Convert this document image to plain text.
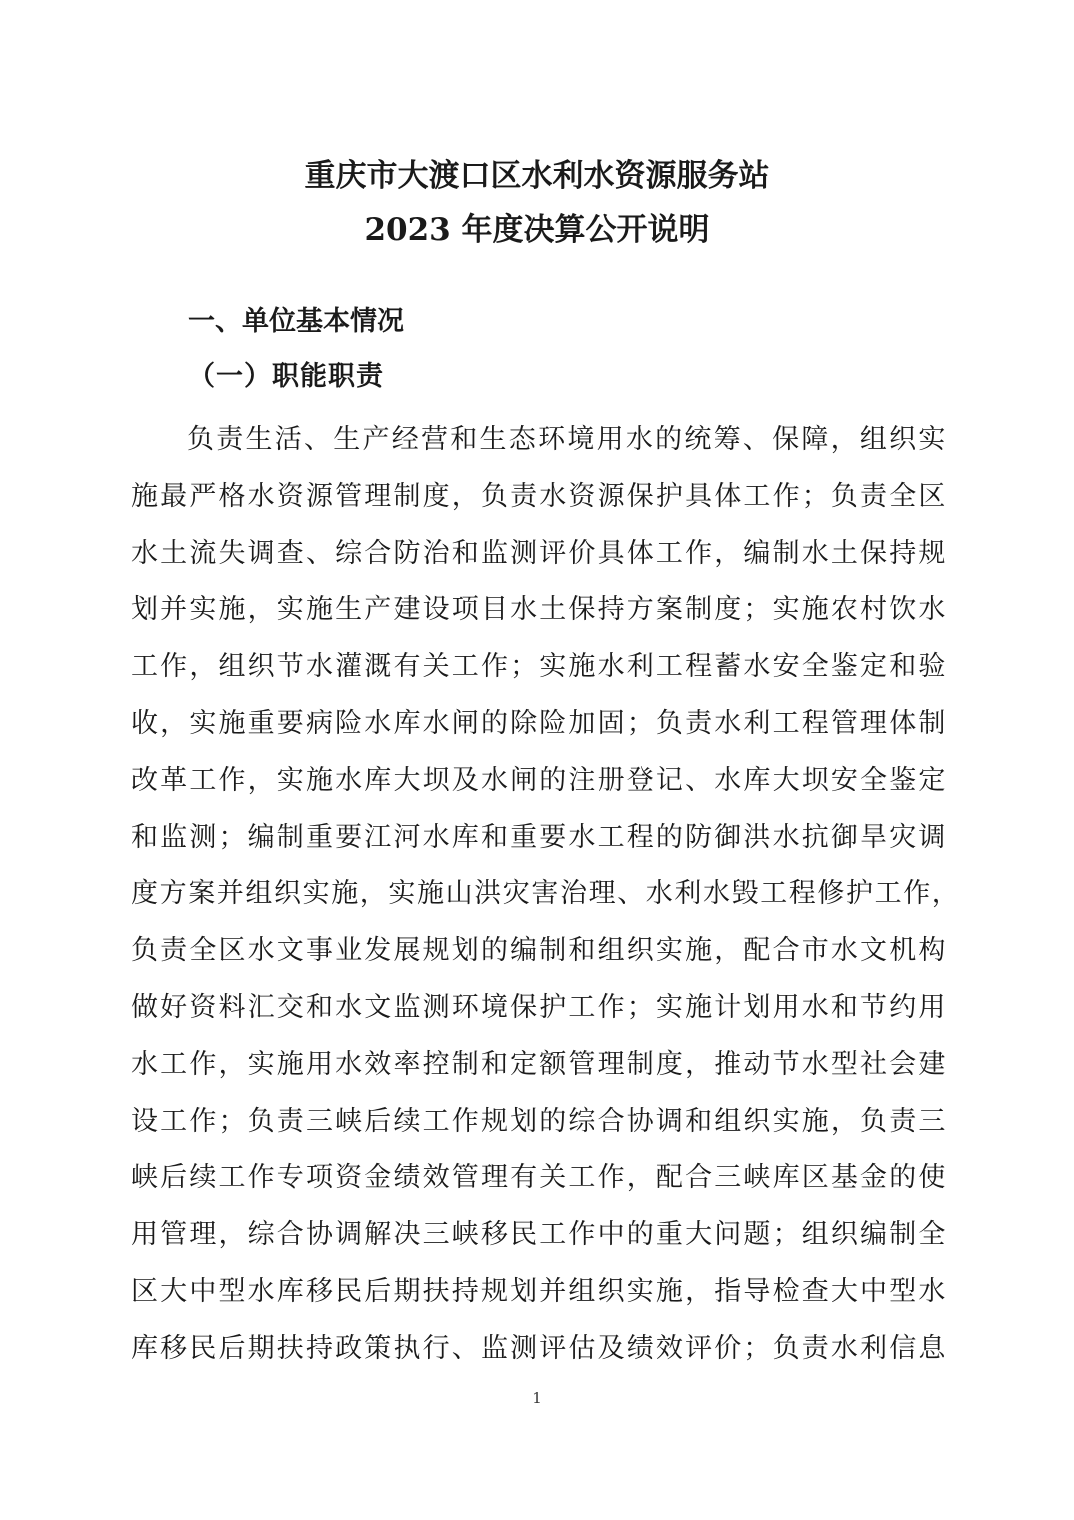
重庆市大渡口区水利水资源服务站
2023 年度决算公开说明
一、单位基本情况
（一）职能职责
负责生活、生产经营和生态环境用水的统筹、保障，组织实
施最严格水资源管理制度，负责水资源保护具体工作；负责全区
水土流失调查、综合防治和监测评价具体工作，编制水土保持规
划并实施，实施生产建设项目水土保持方案制度；实施农村饮水
工作，组织节水灌溉有关工作；实施水利工程蓄水安全鉴定和验
收，实施重要病险水库水闸的除险加固；负责水利工程管理体制
改革工作，实施水库大坝及水闸的注册登记、水库大坝安全鉴定
和监测；编制重要江河水库和重要水工程的防御洪水抗御旱灾调
度方案并组织实施，实施山洪灾害治理、水利水毁工程修护工作，
负责全区水文事业发展规划的编制和组织实施，配合市水文机构
做好资料汇交和水文监测环境保护工作；实施计划用水和节约用
水工作，实施用水效率控制和定额管理制度，推动节水型社会建
设工作；负责三峡后续工作规划的综合协调和组织实施，负责三
峡后续工作专项资金绩效管理有关工作，配合三峡库区基金的使
用管理，综合协调解决三峡移民工作中的重大问题；组织编制全
区大中型水库移民后期扶持规划并组织实施，指导检查大中型水
库移民后期扶持政策执行、监测评估及绩效评价；负责水利信息
1
